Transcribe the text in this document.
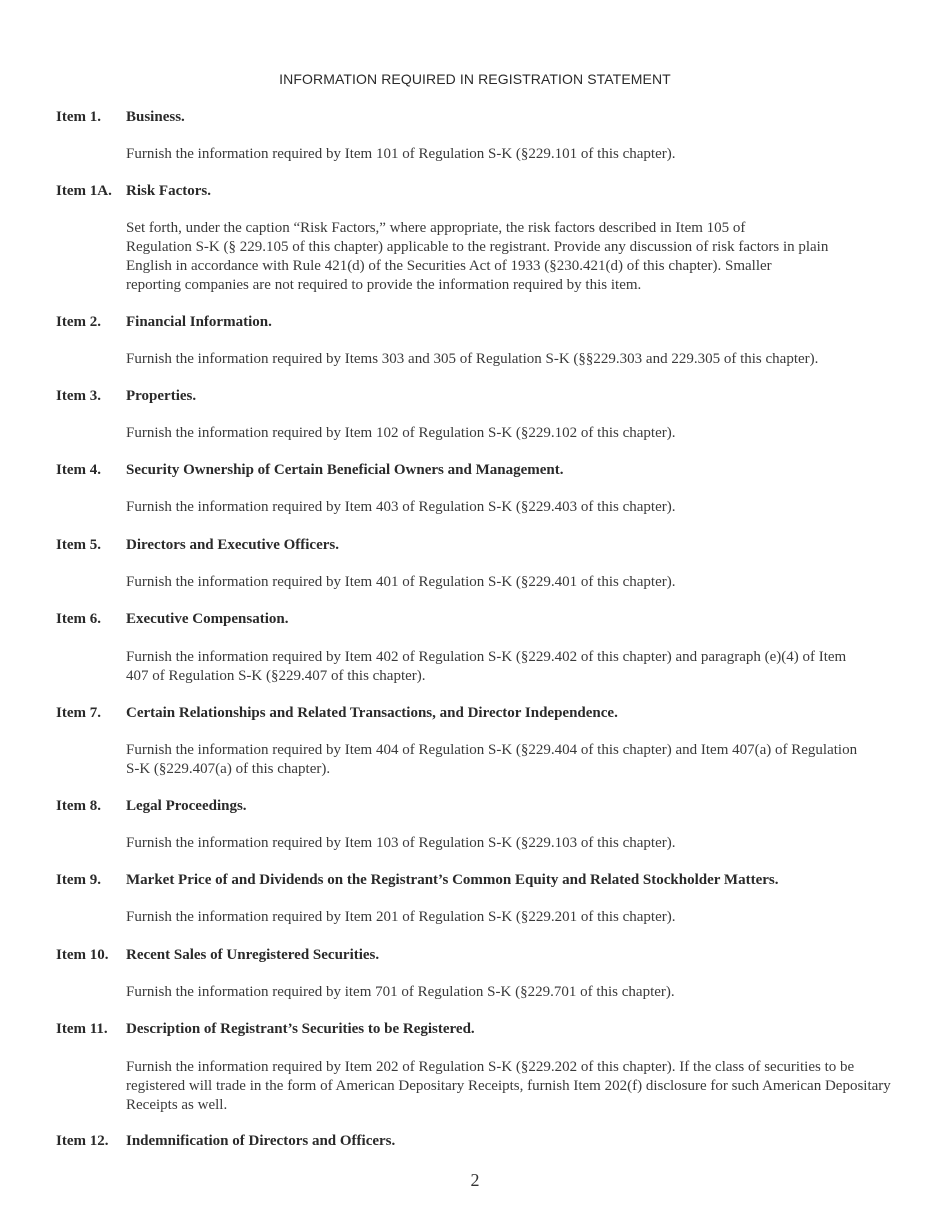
INFORMATION REQUIRED IN REGISTRATION STATEMENT
Item 1. Business.
Furnish the information required by Item 101 of Regulation S-K (§229.101 of this chapter).
Item 1A. Risk Factors.
Set forth, under the caption “Risk Factors,” where appropriate, the risk factors described in Item 105 of
Regulation S-K (§ 229.105 of this chapter) applicable to the registrant. Provide any discussion of risk factors in plain
English in accordance with Rule 421(d) of the Securities Act of 1933 (§230.421(d) of this chapter). Smaller
reporting companies are not required to provide the information required by this item.
Item 2. Financial Information.
Furnish the information required by Items 303 and 305 of Regulation S-K (§§229.303 and 229.305 of this chapter).
Item 3. Properties.
Furnish the information required by Item 102 of Regulation S-K (§229.102 of this chapter).
Item 4. Security Ownership of Certain Beneficial Owners and Management.
Furnish the information required by Item 403 of Regulation S-K (§229.403 of this chapter).
Item 5. Directors and Executive Officers.
Furnish the information required by Item 401 of Regulation S-K (§229.401 of this chapter).
Item 6. Executive Compensation.
Furnish the information required by Item 402 of Regulation S-K (§229.402 of this chapter) and paragraph (e)(4) of Item
407 of Regulation S-K (§229.407 of this chapter).
Item 7. Certain Relationships and Related Transactions, and Director Independence.
Furnish the information required by Item 404 of Regulation S-K (§229.404 of this chapter) and Item 407(a) of Regulation
S-K (§229.407(a) of this chapter).
Item 8. Legal Proceedings.
Furnish the information required by Item 103 of Regulation S-K (§229.103 of this chapter).
Item 9. Market Price of and Dividends on the Registrant’s Common Equity and Related Stockholder Matters.
Furnish the information required by Item 201 of Regulation S-K (§229.201 of this chapter).
Item 10. Recent Sales of Unregistered Securities.
Furnish the information required by item 701 of Regulation S-K (§229.701 of this chapter).
Item 11. Description of Registrant’s Securities to be Registered.
Furnish the information required by Item 202 of Regulation S-K (§229.202 of this chapter). If the class of securities to be
registered will trade in the form of American Depositary Receipts, furnish Item 202(f) disclosure for such American Depositary
Receipts as well.
Item 12. Indemnification of Directors and Officers.
2
